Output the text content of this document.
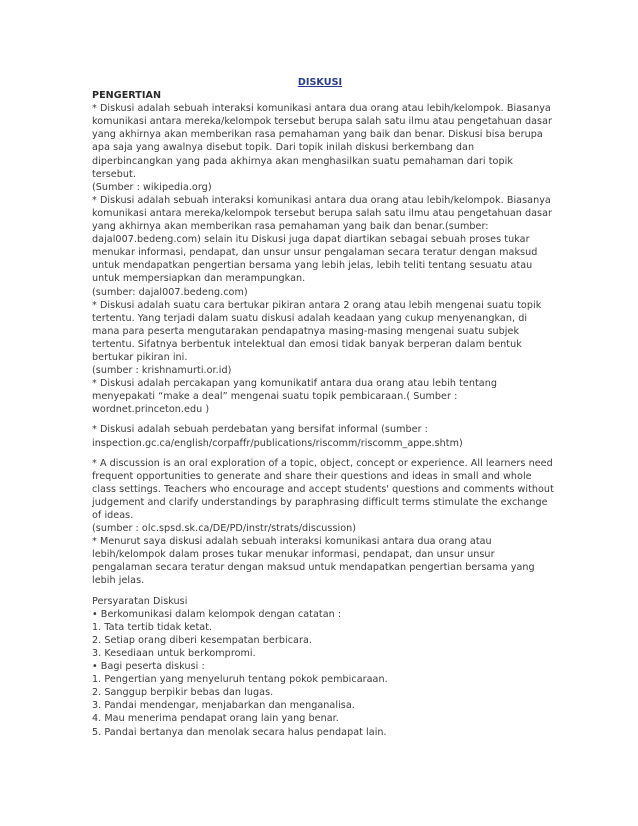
DISKUSI

PENGERTIAN

* Diskusi adalah sebuah interaksi komunikasi antara dua orang atau lebih/kelompok. Biasanya
komunikasi antara mereka/kelompok tersebut berupa salah satu ilmu atau pengetahuan dasar
yang akhirnya akan memberikan rasa pemahaman yang baik dan benar. Diskusi bisa berupa
apa saja yang awalnya disebut topik. Dari topik inilah diskusi berkembang dan
diperbincangkan yang pada akhirnya akan menghasilkan suatu pemahaman dari topik
tersebut.
(Sumber : wikipedia.org)
* Diskusi adalah sebuah interaksi komunikasi antara dua orang atau lebih/kelompok. Biasanya
komunikasi antara mereka/kelompok tersebut berupa salah satu ilmu atau pengetahuan dasar
yang akhirnya akan memberikan rasa pemahaman yang baik dan benar.(sumber:
dajal007.bedeng.com) selain itu Diskusi juga dapat diartikan sebagai sebuah proses tukar
menukar informasi, pendapat, dan unsur unsur pengalaman secara teratur dengan maksud
untuk mendapatkan pengertian bersama yang lebih jelas, lebih teliti tentang sesuatu atau
untuk mempersiapkan dan merampungkan.
(sumber: dajal007.bedeng.com)
* Diskusi adalah suatu cara bertukar pikiran antara 2 orang atau lebih mengenai suatu topik
tertentu. Yang terjadi dalam suatu diskusi adalah keadaan yang cukup menyenangkan, di
mana para peserta mengutarakan pendapatnya masing-masing mengenai suatu subjek
tertentu. Sifatnya berbentuk intelektual dan emosi tidak banyak berperan dalam bentuk
bertukar pikiran ini.
(sumber : krishnamurti.or.id)
* Diskusi adalah percakapan yang komunikatif antara dua orang atau lebih tentang
menyepakati “make a deal” mengenai suatu topik pembicaraan.( Sumber :
wordnet.princeton.edu )
* Diskusi adalah sebuah perdebatan yang bersifat informal (sumber :
inspection.gc.ca/english/corpaffr/publications/riscomm/riscomm_appe.shtm)
* A discussion is an oral exploration of a topic, object, concept or experience. All learners need
frequent opportunities to generate and share their questions and ideas in small and whole
class settings. Teachers who encourage and accept students' questions and comments without
judgement and clarify understandings by paraphrasing difficult terms stimulate the exchange
of ideas.
(sumber : olc.spsd.sk.ca/DE/PD/instr/strats/discussion)
* Menurut saya diskusi adalah sebuah interaksi komunikasi antara dua orang atau
lebih/kelompok dalam proses tukar menukar informasi, pendapat, dan unsur unsur
pengalaman secara teratur dengan maksud untuk mendapatkan pengertian bersama yang
lebih jelas.
Persyaratan Diskusi
• Berkomunikasi dalam kelompok dengan catatan :
1. Tata tertib tidak ketat.
2. Setiap orang diberi kesempatan berbicara.
3. Kesediaan untuk berkompromi.
• Bagi peserta diskusi :
1. Pengertian yang menyeluruh tentang pokok pembicaraan.
2. Sanggup berpikir bebas dan lugas.
3. Pandai mendengar, menjabarkan dan menganalisa.
4. Mau menerima pendapat orang lain yang benar.
5. Pandai bertanya dan menolak secara halus pendapat lain.
